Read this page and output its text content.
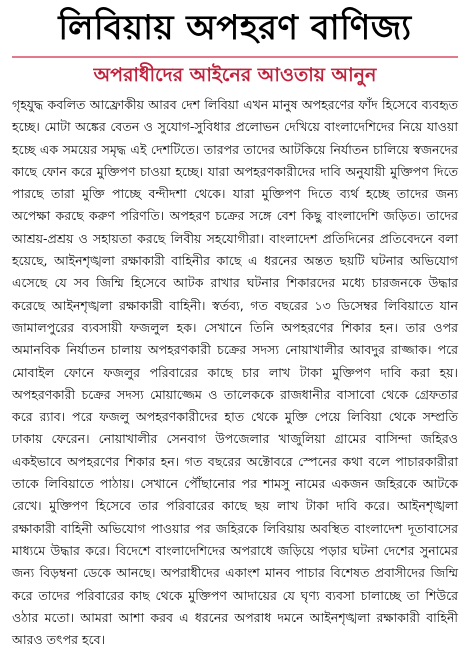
লিবিয়ায় অপহরণ বাণিজ্য
অপরাধীদের আইনের আওতায় আনুন

গৃহযুদ্ধ কবলিত আফ্রোকীয় আরব দেশ লিবিয়া এখন মানুষ অপহরণের ফাঁদ হিসেবে ব্যবহৃত হচ্ছে। মোটা অঙ্কের বেতন ও সুযোগ-সুবিধার প্রলোভন দেখিয়ে বাংলাদেশিদের নিয়ে যাওয়া হচ্ছে এক সময়ের সমৃদ্ধ এই দেশটিতে। তারপর তাদের আটকিয়ে নির্যাতন চালিয়ে স্বজনদের কাছে ফোন করে মুক্তিপণ চাওয়া হচ্ছে। যারা অপহরণকারীদের দাবি অনুযায়ী মুক্তিপণ দিতে পারছে তারা মুক্তি পাচ্ছে বন্দীদশা থেকে। যারা মুক্তিপণ দিতে ব্যর্থ হচ্ছে তাদের জন্য অপেক্ষা করছে করুণ পরিণতি। অপহরণ চক্রের সঙ্গে বেশ কিছু বাংলাদেশি জড়িত। তাদের আশ্রয়-প্রশ্রয় ও সহায়তা করছে লিবীয় সহযোগীরা। বাংলাদেশ প্রতিদিনের প্রতিবেদনে বলা হয়েছে, আইনশৃঙ্খলা রক্ষাকারী বাহিনীর কাছে এ ধরনের অন্তত ছয়টি ঘটনার অভিযোগ এসেছে যে সব জিম্মি হিসেবে আটক রাখার ঘটনার শিকারদের মধ্যে চারজনকে উদ্ধার করেছে আইনশৃঙ্খলা রক্ষাকারী বাহিনী। স্বর্তব্য, গত বছরের ১৩ ডিসেম্বর লিবিয়াতে যান জামালপুরের ব্যবসায়ী ফজলুল হক। সেখানে তিনি অপহরণের শিকার হন। তার ওপর অমানবিক নির্যাতন চালায় অপহরণকারী চক্রের সদস্য নোয়াখালীর আবদুর রাজ্জাক। পরে মোবাইল ফোনে ফজলুর পরিবারের কাছে চার লাখ টাকা মুক্তিপণ দাবি করা হয়। অপহরণকারী চক্রের সদস্য মোয়াজ্জেম ও তালেককে রাজধানীর বাসাবো থেকে গ্রেফতার করে র‍্যাব। পরে ফজলু অপহরণকারীদের হাত থেকে মুক্তি পেয়ে লিবিয়া থেকে সম্প্রতি ঢাকায় ফেরেন। নোয়াখালীর সেনবাগ উপজেলার খাজুলিয়া গ্রামের বাসিন্দা জহিরও একইভাবে অপহরণের শিকার হন। গত বছরের অক্টোবরে স্পেনের কথা বলে পাচারকারীরা তাকে লিবিয়াতে পাঠায়। সেখানে পৌঁছানোর পর শামসু নামের একজন জহিরকে আটকে রেখে। মুক্তিপণ হিসেবে তার পরিবারের কাছে ছয় লাখ টাকা দাবি করে। আইনশৃঙ্খলা রক্ষাকারী বাহিনী অভিযোগ পাওয়ার পর জহিরকে লিবিয়ায় অবস্থিত বাংলাদেশ দূতাবাসের মাধ্যমে উদ্ধার করে। বিদেশে বাংলাদেশিদের অপরাধে জড়িয়ে পড়ার ঘটনা দেশের সুনামের জন্য বিড়ম্বনা ডেকে আনছে। অপরাধীদের একাংশ মানব পাচার বিশেষত প্রবাসীদের জিম্মি করে তাদের পরিবারের কাছ থেকে মুক্তিপণ আদায়ের যে ঘৃণ্য ব্যবসা চালাচ্ছে তা শিউরে ওঠার মতো। আমরা আশা করব এ ধরনের অপরাধ দমনে আইনশৃঙ্খলা রক্ষাকারী বাহিনী আরও তৎপর হবে।
